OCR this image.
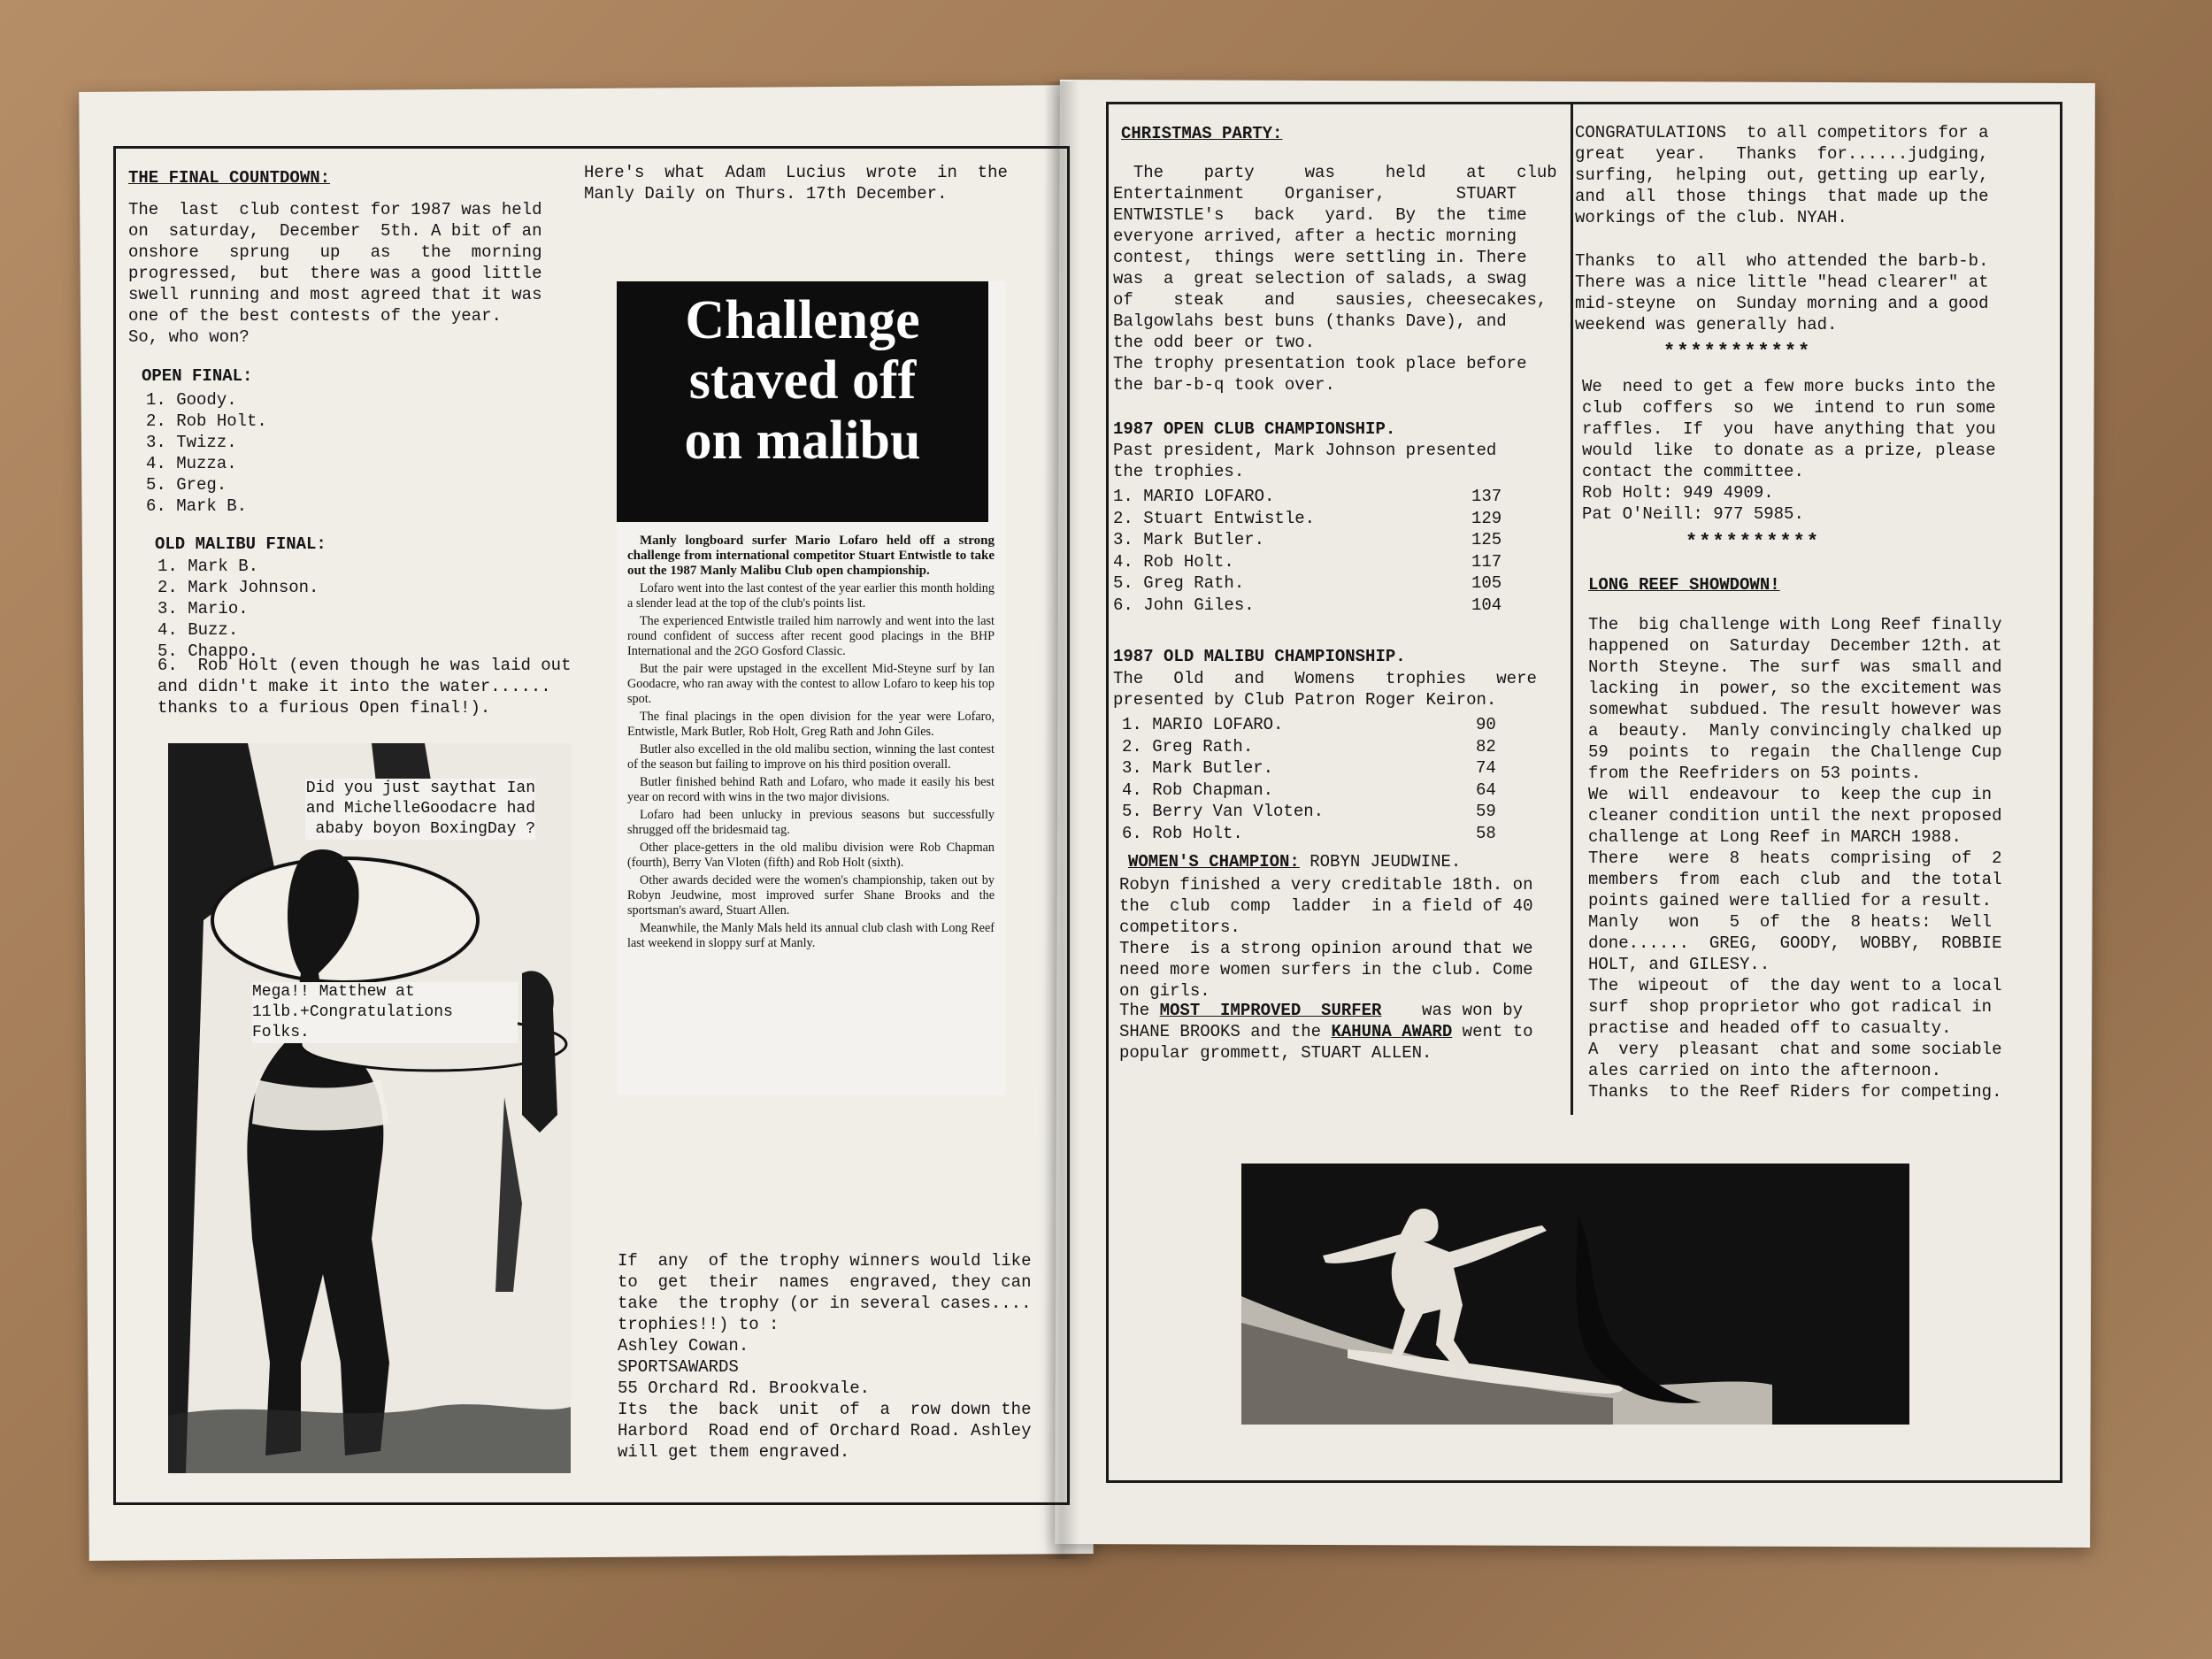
THE FINAL COUNTDOWN:
The  last  club contest for 1987 was held
on  saturday,  December  5th. A bit of an
onshore   sprung   up   as   the  morning
progressed,  but  there was a good little
swell running and most agreed that it was
one of the best contests of the year.
So, who won?
OPEN FINAL:
1. Goody.
2. Rob Holt.
3. Twizz.
4. Muzza.
5. Greg.
6. Mark B.
OLD MALIBU FINAL:
1. Mark B.
2. Mark Johnson.
3. Mario.
4. Buzz.
5. Chappo.
6.  Rob Holt (even though he was laid out
and didn't make it into the water......
thanks to a furious Open final!).
Here's  what  Adam  Lucius  wrote  in  the
Manly Daily on Thurs. 17th December.
Challenge
staved off
on malibu

Manly longboard surfer Mario Lofaro held off a strong challenge from international competitor Stuart Entwistle to take out the 1987 Manly Malibu Club open championship.

Lofaro went into the last contest of the year earlier this month holding a slender lead at the top of the club's points list.

The experienced Entwistle trailed him narrowly and went into the last round confident of success after recent good placings in the BHP International and the 2GO Gosford Classic.

But the pair were upstaged in the excellent Mid-Steyne surf by Ian Goodacre, who ran away with the contest to allow Lofaro to keep his top spot.

The final placings in the open division for the year were Lofaro, Entwistle, Mark Butler, Rob Holt, Greg Rath and John Giles.

Butler also excelled in the old malibu section, winning the last contest of the season but failing to improve on his third position overall.

Butler finished behind Rath and Lofaro, who made it easily his best year on record with wins in the two major divisions.

Lofaro had been unlucky in previous seasons but successfully shrugged off the bridesmaid tag.

Other place-getters in the old malibu division were Rob Chapman (fourth), Berry Van Vloten (fifth) and Rob Holt (sixth).

Other awards decided were the women's championship, taken out by Robyn Jeudwine, most improved surfer Shane Brooks and the sportsman's award, Stuart Allen.

Meanwhile, the Manly Mals held its annual club clash with Long Reef last weekend in sloppy surf at Manly.

Did you just saythat Ian and MichelleGoodacre had ababy boyon BoxingDay ?
Mega!! Matthew at 11lb.+Congratulations Folks.
If  any  of the trophy winners would like
to  get  their  names  engraved, they can
take  the trophy (or in several cases....
trophies!!) to :
Ashley Cowan.
SPORTSAWARDS
55 Orchard Rd. Brookvale.
Its  the  back  unit  of  a  row down the
Harbord  Road end of Orchard Road. Ashley
will get them engraved.
CHRISTMAS PARTY:
The    party     was     held    at   club
Entertainment    Organiser,       STUART
ENTWISTLE's   back   yard.  By  the  time
everyone arrived, after a hectic morning
contest,  things  were settling in. There
was  a  great selection of salads, a swag
of    steak    and    sausies, cheesecakes,
Balgowlahs best buns (thanks Dave), and
the odd beer or two.
The trophy presentation took place before
the bar-b-q took over.
1987 OPEN CLUB CHAMPIONSHIP.
Past president, Mark Johnson presented
the trophies.
1. MARIO LOFARO.	137
2. Stuart Entwistle.	129
3. Mark Butler.	125
4. Rob Holt.	117
5. Greg Rath.	105
6. John Giles.	104
1987 OLD MALIBU CHAMPIONSHIP.
The   Old   and   Womens   trophies   were
presented by Club Patron Roger Keiron.
1. MARIO LOFARO.	90
2. Greg Rath.	82
3. Mark Butler.	74
4. Rob Chapman.	64
5. Berry Van Vloten.	59
6. Rob Holt.	58
WOMEN'S CHAMPION: ROBYN JEUDWINE.
Robyn finished a very creditable 18th. on
the  club  comp  ladder  in a field of 40
competitors.
There  is a strong opinion around that we
need more women surfers in the club. Come
on girls.
The MOST  IMPROVED  SURFER    was won by
SHANE BROOKS and the KAHUNA AWARD went to
popular grommett, STUART ALLEN.
CONGRATULATIONS  to all competitors for a
great   year.   Thanks  for......judging,
surfing,  helping  out, getting up early,
and  all  those  things  that made up the
workings of the club. NYAH.
Thanks  to  all  who attended the barb-b.
There was a nice little "head clearer" at
mid-steyne  on  Sunday morning and a good
weekend was generally had.
***********
We  need to get a few more bucks into the
club  coffers  so  we  intend to run some
raffles.  If  you  have anything that you
would  like  to donate as a prize, please
contact the committee.
Rob Holt: 949 4909.
Pat O'Neill: 977 5985.
**********
LONG REEF SHOWDOWN!
The  big challenge with Long Reef finally
happened  on  Saturday  December 12th. at
North  Steyne.  The  surf  was  small and
lacking  in  power, so the excitement was
somewhat  subdued. The result however was
a  beauty.  Manly convincingly chalked up
59  points  to  regain  the Challenge Cup
from the Reefriders on 53 points.
We  will  endeavour  to  keep the cup in
cleaner condition until the next proposed
challenge at Long Reef in MARCH 1988.
There   were  8  heats  comprising  of  2
members  from  each  club  and  the total
points gained were tallied for a result.
Manly   won   5  of  the  8 heats:  Well
done......  GREG,  GOODY,  WOBBY,  ROBBIE
HOLT, and GILESY..
The  wipeout  of  the day went to a local
surf  shop proprietor who got radical in
practise and headed off to casualty.
A  very  pleasant  chat and some sociable
ales carried on into the afternoon.
Thanks  to the Reef Riders for competing.
